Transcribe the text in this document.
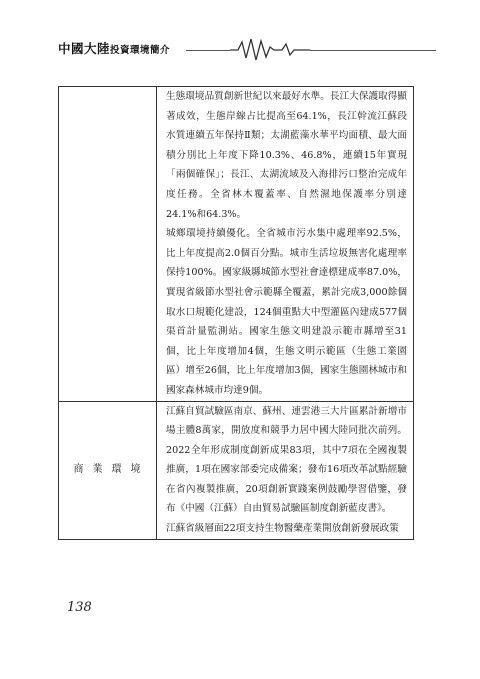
中國大陸投資環境簡介

	生態環境品質創新世紀以來最好水準。長江大保護取得顯著成效，生態岸線占比提高至64.1%，長江幹流江蘇段水質連續五年保持Ⅱ類；太湖藍藻水華平均面積、最大面積分別比上年度下降10.3%、46.8%，連續15年實現「兩個確保」；長江、太湖流域及入海排污口整治完成年度任務。全省林木覆蓋率、自然濕地保護率分別達24.1%和64.3%。

城鄉環境持續優化。全省城市污水集中處理率92.5%，比上年度提高2.0個百分點。城市生活垃圾無害化處理率保持100%。國家級縣城節水型社會達標建成率87.0%，實現省級節水型社會示範縣全覆蓋，累計完成3,000餘個取水口規範化建設，124個重點大中型灌區內建成577個渠首計量監測站。國家生態文明建設示範市縣增至31個，比上年度增加4個，生態文明示範區（生態工業園區）增至26個，比上年度增加3個，國家生態園林城市和國家森林城市均達9個。

商業環境	江蘇自貿試驗區南京、蘇州、連雲港三大片區累計新增市場主體8萬家，開放度和競爭力居中國大陸同批次前列。2022全年形成制度創新成果83項，其中7項在全國複製推廣，1項在國家部委完成備案；發布16項改革試點經驗在省內複製推廣，20項創新實踐案例鼓勵學習借鑒，發布《中國（江蘇）自由貿易試驗區制度創新藍皮書》。

江蘇省級層面22項支持生物醫藥產業開放創新發展政策

138
